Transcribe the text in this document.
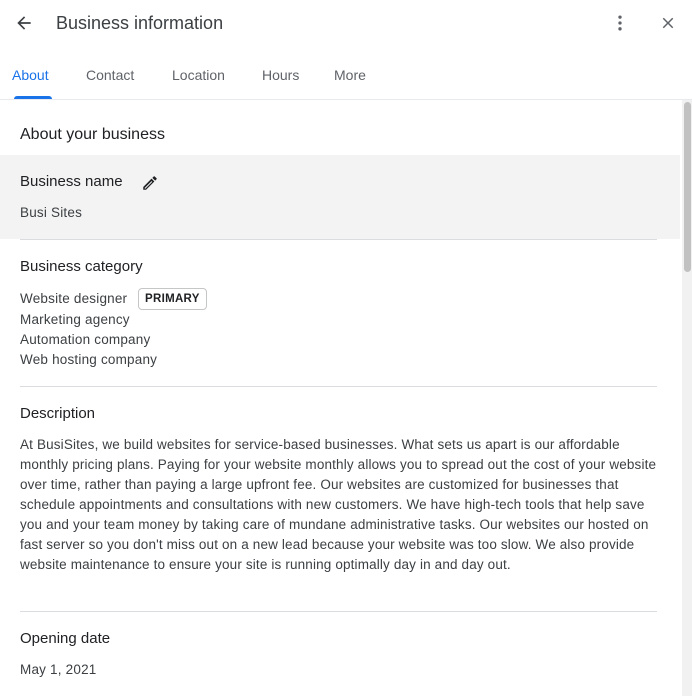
Business information
About	Contact	Location	Hours More
About your business
Business name
Busi Sites
Business category
Website designer	PRIMARY
Marketing agency
Automation company
Web hosting company
Description
At BusiSites, we build websites for service-based businesses. What sets us apart is our affordable monthly pricing plans. Paying for your website monthly allows you to spread out the cost of your website over time, rather than paying a large upfront fee. Our websites are customized for businesses that schedule appointments and consultations with new customers. We have high-tech tools that help save you and your team money by taking care of mundane administrative tasks. Our websites our hosted on fast server so you don't miss out on a new lead because your website was too slow. We also provide website maintenance to ensure your site is running optimally day in and day out.
Opening date
May 1, 2021
